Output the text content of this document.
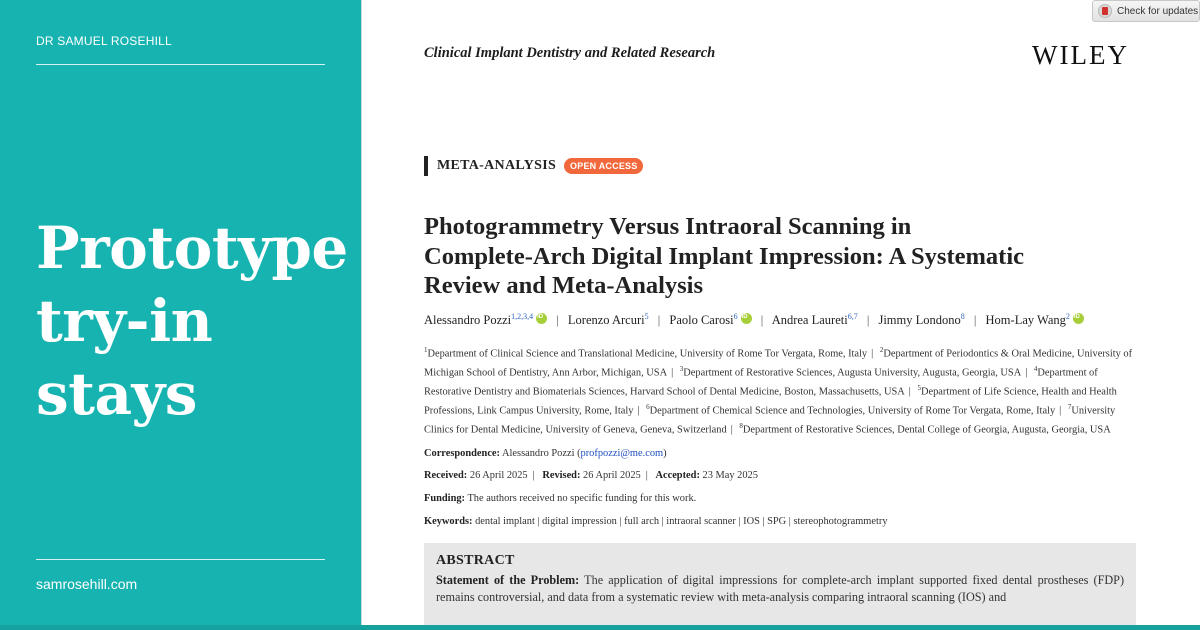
DR SAMUEL ROSEHILL
Prototype
try-in
stays
samrosehill.com
Check for updates
Clinical Implant Dentistry and Related Research	WILEY
META-ANALYSIS	OPEN ACCESS
Photogrammetry Versus Intraoral Scanning in
Complete-Arch Digital Implant Impression: A Systematic
Review and Meta-Analysis
Alessandro Pozzi$^{1,2,3,4}$ iD | Lorenzo Arcuri$^5$ | Paolo Carosi$^6$ iD | Andrea Laureti$^{6,7}$ | Jimmy Londono$^8$ | Hom-Lay Wang$^2$iD
$^1$Department of Clinical Science and Translational Medicine, University of Rome Tor Vergata, Rome, Italy | $^2$Department of Periodontics & Oral Medicine, University of Michigan School of Dentistry, Ann Arbor, Michigan, USA | $^3$Department of Restorative Sciences, Augusta University, Augusta, Georgia, USA | $^4$Department of Restorative Dentistry and Biomaterials Sciences, Harvard School of Dental Medicine, Boston, Massachusetts, USA | $^5$Department of Life Science, Health and Health Professions, Link Campus University, Rome, Italy | $^6$Department of Chemical Science and Technologies, University of Rome Tor Vergata, Rome, Italy | $^7$University Clinics for Dental Medicine, University of Geneva, Geneva, Switzerland | $^8$Department of Restorative Sciences, Dental College of Georgia, Augusta, Georgia, USA
Correspondence: Alessandro Pozzi (profpozzi@me.com)
Received: 26 April 2025 | Revised: 26 April 2025 | Accepted: 23 May 2025
Funding: The authors received no specific funding for this work.
Keywords: dental implant | digital impression | full arch | intraoral scanner | IOS | SPG | stereophotogrammetry
ABSTRACT
Statement of the Problem: The application of digital impressions for complete-arch implant supported fixed dental prostheses (FDP) remains controversial, and data from a systematic review with meta-analysis comparing intraoral scanning (IOS) and
